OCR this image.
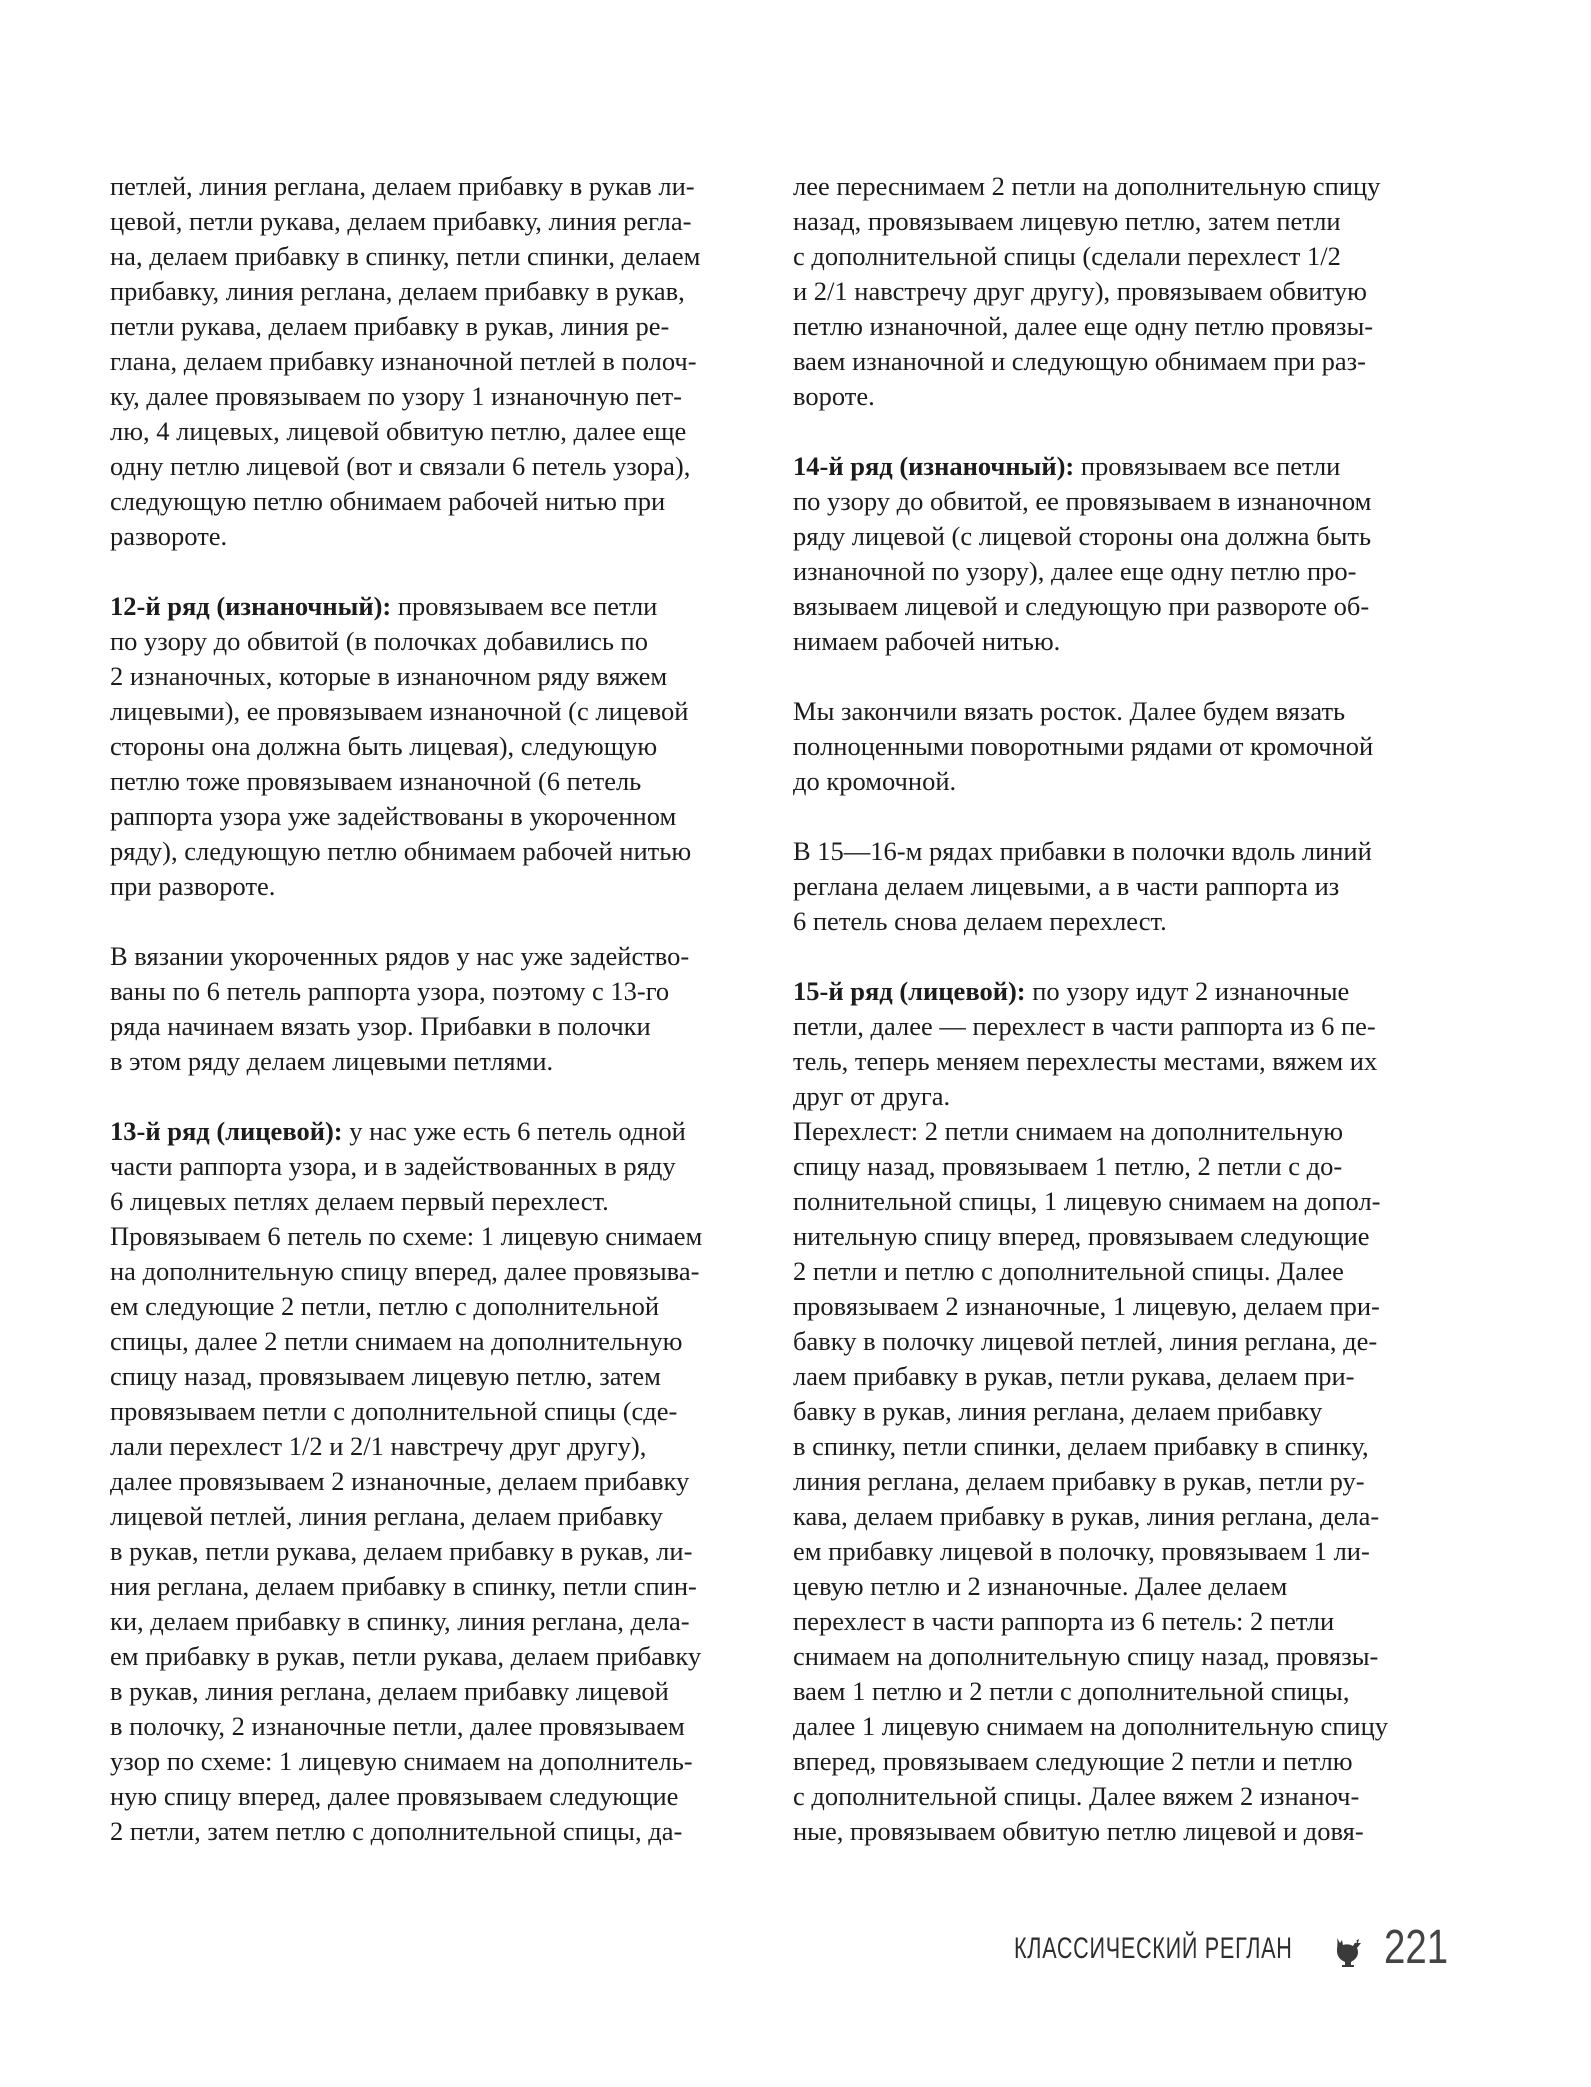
петлей, линия реглана, делаем прибавку в рукав ли-
цевой, петли рукава, делаем прибавку, линия регла-
на, делаем прибавку в спинку, петли спинки, делаем
прибавку, линия реглана, делаем прибавку в рукав,
петли рукава, делаем прибавку в рукав, линия ре-
глана, делаем прибавку изнаночной петлей в полоч-
ку, далее провязываем по узору 1 изнаночную пет-
лю, 4 лицевых, лицевой обвитую петлю, далее еще
одну петлю лицевой (вот и связали 6 петель узора),
следующую петлю обнимаем рабочей нитью при
развороте.
12-й ряд (изнаночный): провязываем все петли
по узору до обвитой (в полочках добавились по
2 изнаночных, которые в изнаночном ряду вяжем
лицевыми), ее провязываем изнаночной (с лицевой
стороны она должна быть лицевая), следующую
петлю тоже провязываем изнаночной (6 петель
раппорта узора уже задействованы в укороченном
ряду), следующую петлю обнимаем рабочей нитью
при развороте.
В вязании укороченных рядов у нас уже задейство-
ваны по 6 петель раппорта узора, поэтому с 13-го
ряда начинаем вязать узор. Прибавки в полочки
в этом ряду делаем лицевыми петлями.
13-й ряд (лицевой): у нас уже есть 6 петель одной
части раппорта узора, и в задействованных в ряду
6 лицевых петлях делаем первый перехлест.
Провязываем 6 петель по схеме: 1 лицевую снимаем
на дополнительную спицу вперед, далее провязыва-
ем следующие 2 петли, петлю с дополнительной
спицы, далее 2 петли снимаем на дополнительную
спицу назад, провязываем лицевую петлю, затем
провязываем петли с дополнительной спицы (сде-
лали перехлест 1/2 и 2/1 навстречу друг другу),
далее провязываем 2 изнаночные, делаем прибавку
лицевой петлей, линия реглана, делаем прибавку
в рукав, петли рукава, делаем прибавку в рукав, ли-
ния реглана, делаем прибавку в спинку, петли спин-
ки, делаем прибавку в спинку, линия реглана, дела-
ем прибавку в рукав, петли рукава, делаем прибавку
в рукав, линия реглана, делаем прибавку лицевой
в полочку, 2 изнаночные петли, далее провязываем
узор по схеме: 1 лицевую снимаем на дополнитель-
ную спицу вперед, далее провязываем следующие
2 петли, затем петлю с дополнительной спицы, да-
лее переснимаем 2 петли на дополнительную спицу
назад, провязываем лицевую петлю, затем петли
с дополнительной спицы (сделали перехлест 1/2
и 2/1 навстречу друг другу), провязываем обвитую
петлю изнаночной, далее еще одну петлю провязы-
ваем изнаночной и следующую обнимаем при раз-
вороте.
14-й ряд (изнаночный): провязываем все петли
по узору до обвитой, ее провязываем в изнаночном
ряду лицевой (с лицевой стороны она должна быть
изнаночной по узору), далее еще одну петлю про-
вязываем лицевой и следующую при развороте об-
нимаем рабочей нитью.
Мы закончили вязать росток. Далее будем вязать
полноценными поворотными рядами от кромочной
до кромочной.
В 15—16-м рядах прибавки в полочки вдоль линий
реглана делаем лицевыми, а в части раппорта из
6 петель снова делаем перехлест.
15-й ряд (лицевой): по узору идут 2 изнаночные
петли, далее — перехлест в части раппорта из 6 пе-
тель, теперь меняем перехлесты местами, вяжем их
друг от друга.
Перехлест: 2 петли снимаем на дополнительную
спицу назад, провязываем 1 петлю, 2 петли с до-
полнительной спицы, 1 лицевую снимаем на допол-
нительную спицу вперед, провязываем следующие
2 петли и петлю с дополнительной спицы. Далее
провязываем 2 изнаночные, 1 лицевую, делаем при-
бавку в полочку лицевой петлей, линия реглана, де-
лаем прибавку в рукав, петли рукава, делаем при-
бавку в рукав, линия реглана, делаем прибавку
в спинку, петли спинки, делаем прибавку в спинку,
линия реглана, делаем прибавку в рукав, петли ру-
кава, делаем прибавку в рукав, линия реглана, дела-
ем прибавку лицевой в полочку, провязываем 1 ли-
цевую петлю и 2 изнаночные. Далее делаем
перехлест в части раппорта из 6 петель: 2 петли
снимаем на дополнительную спицу назад, провязы-
ваем 1 петлю и 2 петли с дополнительной спицы,
далее 1 лицевую снимаем на дополнительную спицу
вперед, провязываем следующие 2 петли и петлю
с дополнительной спицы. Далее вяжем 2 изнаноч-
ные, провязываем обвитую петлю лицевой и довя-
КЛАССИЧЕСКИЙ РЕГЛАН 221
